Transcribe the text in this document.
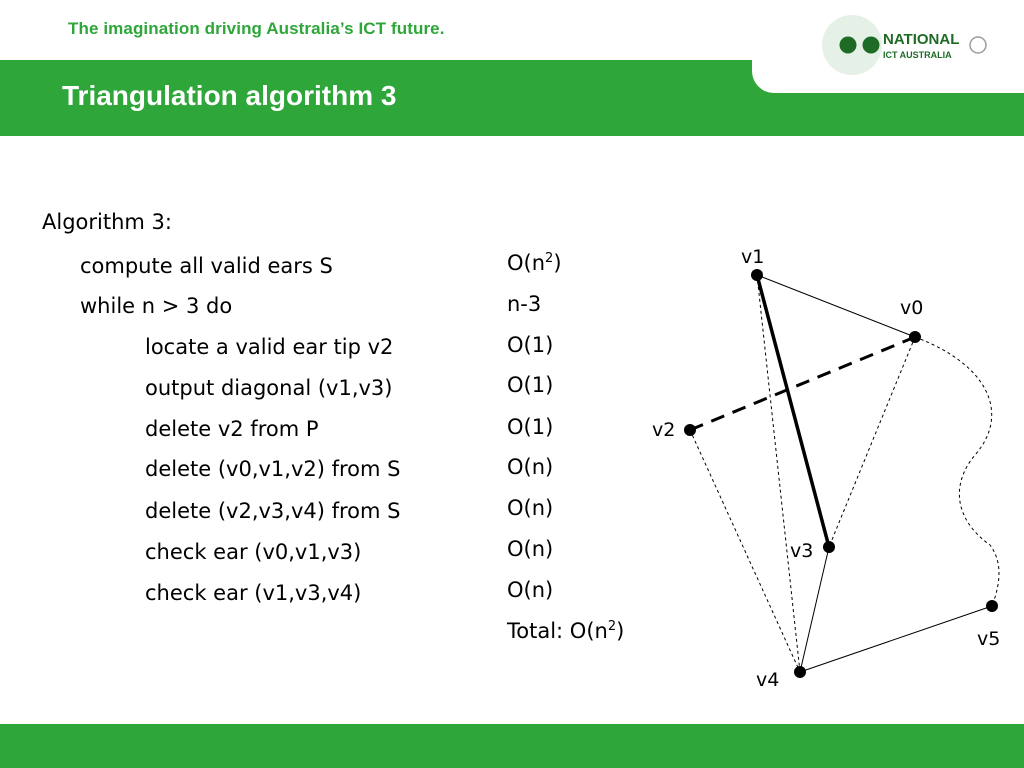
The imagination driving Australia’s ICT future.
Triangulation algorithm 3
NATIONAL
ICT AUSTRALIA
Algorithm 3:
compute all valid ears S
while n > 3 do
locate a valid ear tip v2
output diagonal (v1,v3)
delete v2 from P
delete (v0,v1,v2) from S
delete (v2,v3,v4) from S
check ear (v0,v1,v3)
check ear (v1,v3,v4)
$O(n^2)$
n-3
O(1)
O(1)
O(1)
O(n)
O(n)
O(n)
O(n)
Total: $O(n^2)$
v1
v0
v2
v3
v4
v5
